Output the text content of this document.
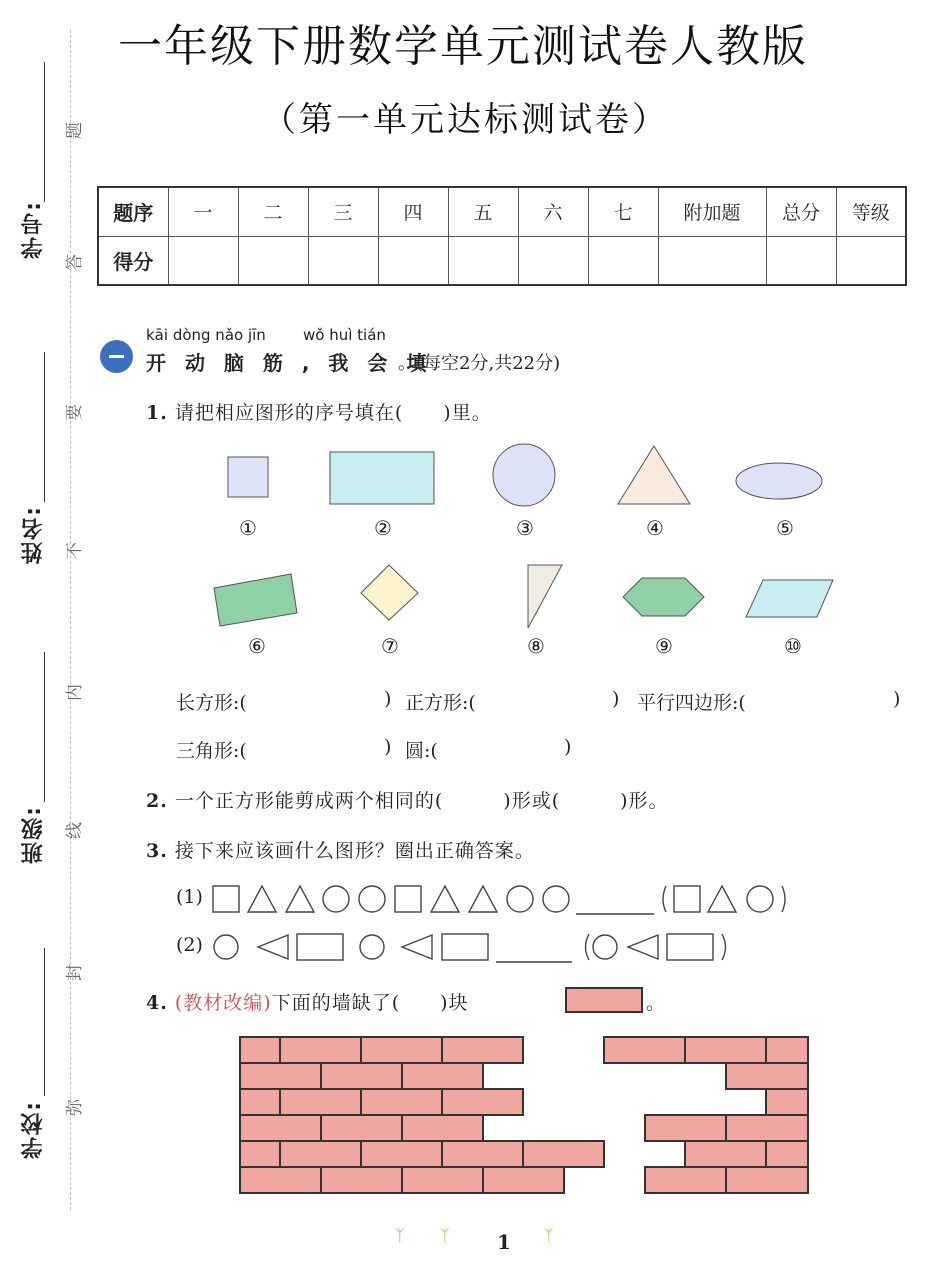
学号:
姓名:
班级:
学校:
题
答
要
不
内
线
封
弥
一年级下册数学单元测试卷人教版
（第一单元达标测试卷）
题序	一	二	三	四	五	六	七	附加题	总分	等级
得分										
kāi dòng nǎo jīn wǒ huì tián
开 动 脑 筋 , 我 会 填
。(每空2分,共22分)
1. 请把相应图形的序号填在(　　)里。
①	②	③	④	⑤
⑥	⑦	⑧	⑨	⑩
长方形:(	) 正方形:(	) 平行四边形:(	)
三角形:(	) 圆:(	)
2. 一个正方形能剪成两个相同的(　　　)形或(　　　)形。
3. 接下来应该画什么图形？圈出正确答案。
(1)
(2)
4. (教材改编)下面的墙缺了(　　)块	。
ᛉ ᛉ 1 ᛉ
